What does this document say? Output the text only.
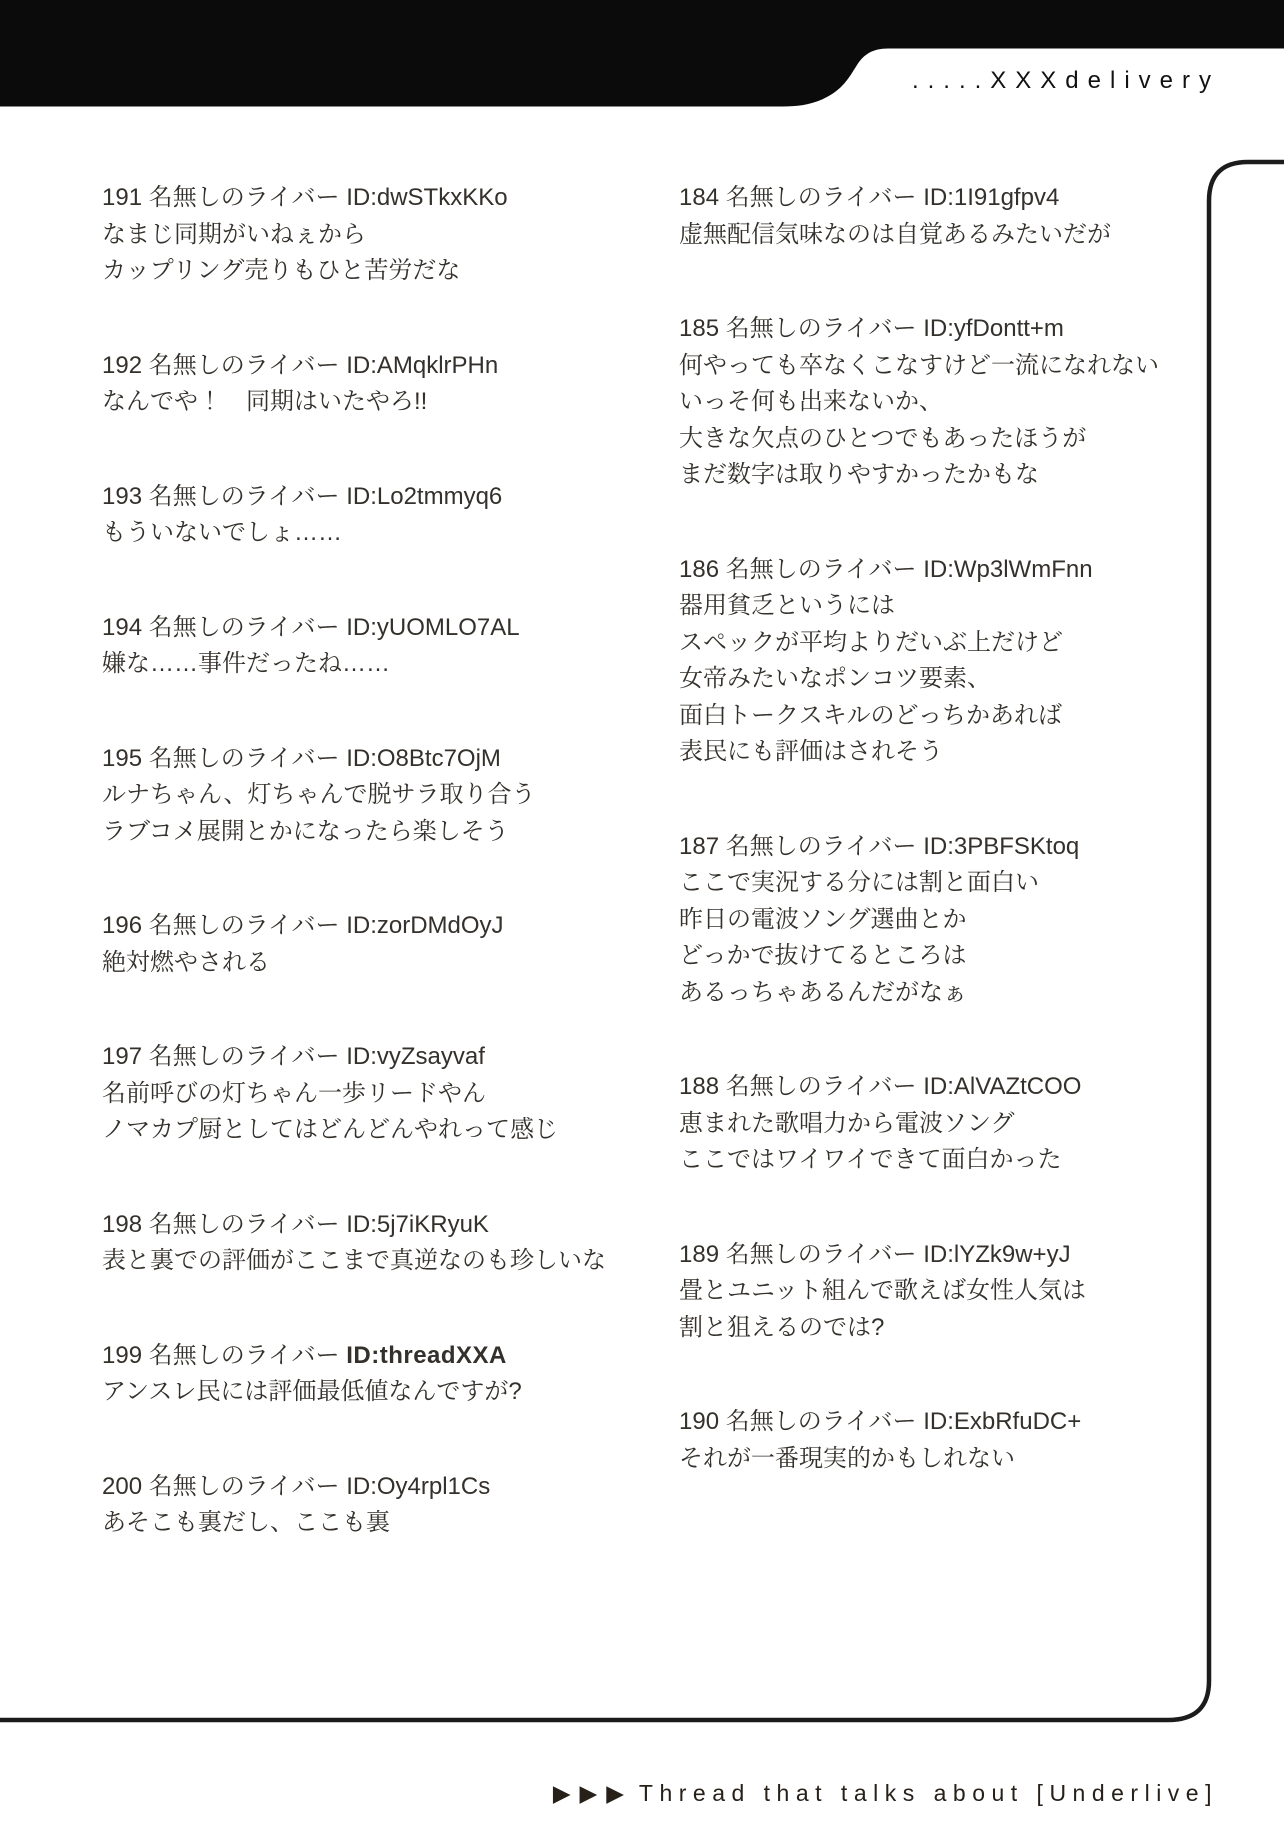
.....XXXdelivery
191 名無しのライバー ID:dwSTkxKKo
なまじ同期がいねぇから
カップリング売りもひと苦労だな
192 名無しのライバー ID:AMqklrPHn
なんでや！　同期はいたやろ!!
193 名無しのライバー ID:Lo2tmmyq6
もういないでしょ……
194 名無しのライバー ID:yUOMLO7AL
嫌な……事件だったね……
195 名無しのライバー ID:O8Btc7OjM
ルナちゃん、灯ちゃんで脱サラ取り合う
ラブコメ展開とかになったら楽しそう
196 名無しのライバー ID:zorDMdOyJ
絶対燃やされる
197 名無しのライバー ID:vyZsayvaf
名前呼びの灯ちゃん一歩リードやん
ノマカプ厨としてはどんどんやれって感じ
198 名無しのライバー ID:5j7iKRyuK
表と裏での評価がここまで真逆なのも珍しいな
199 名無しのライバー ID:threadXXA
アンスレ民には評価最低値なんですが?
200 名無しのライバー ID:Oy4rpl1Cs
あそこも裏だし、ここも裏
184 名無しのライバー ID:1I91gfpv4
虚無配信気味なのは自覚あるみたいだが
185 名無しのライバー ID:yfDontt+m
何やっても卒なくこなすけど一流になれない
いっそ何も出来ないか、
大きな欠点のひとつでもあったほうが
まだ数字は取りやすかったかもな
186 名無しのライバー ID:Wp3lWmFnn
器用貧乏というには
スペックが平均よりだいぶ上だけど
女帝みたいなポンコツ要素、
面白トークスキルのどっちかあれば
表民にも評価はされそう
187 名無しのライバー ID:3PBFSKtoq
ここで実況する分には割と面白い
昨日の電波ソング選曲とか
どっかで抜けてるところは
あるっちゃあるんだがなぁ
188 名無しのライバー ID:AlVAZtCOO
恵まれた歌唱力から電波ソング
ここではワイワイできて面白かった
189 名無しのライバー ID:lYZk9w+yJ
畳とユニット組んで歌えば女性人気は
割と狙えるのでは?
190 名無しのライバー ID:ExbRfuDC+
それが一番現実的かもしれない

▶▶▶ Thread that talks about [Underlive]
